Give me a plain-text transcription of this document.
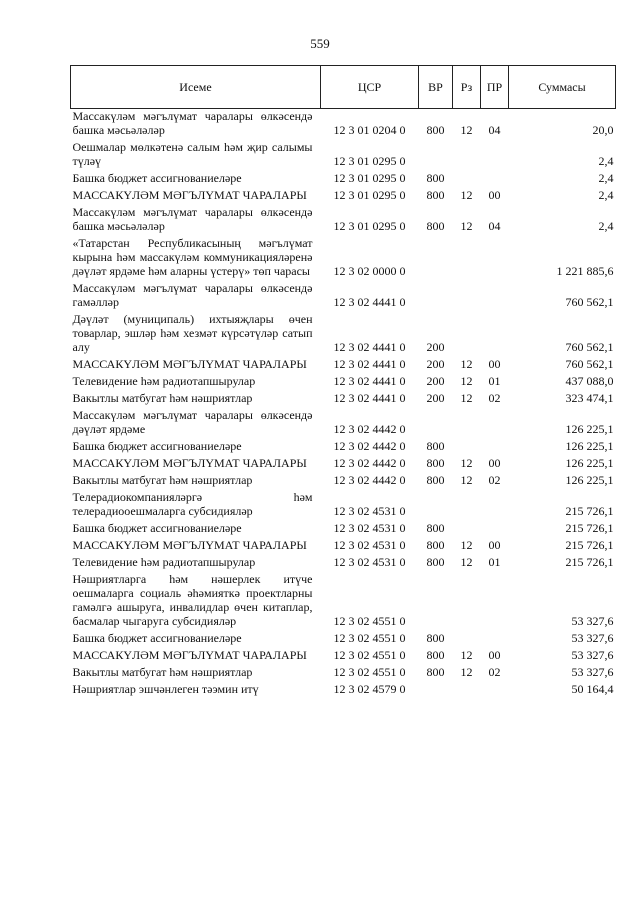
559
Исеме	ЦСР	ВР	Рз	ПР	Суммасы
Массакүләм мәгълүмат чаралары өлкәсендә башка мәсьәләләр	12 3 01 0204 0	800	12	04	20,0
Оешмалар мөлкәтенә салым һәм җир салымы түләү	12 3 01 0295 0				2,4
Башка бюджет ассигнованиеләре	12 3 01 0295 0	800			2,4
МАССАКҮЛӘМ МӘГЪЛҮМАТ ЧАРАЛАРЫ	12 3 01 0295 0	800	12	00	2,4
Массакүләм мәгълүмат чаралары өлкәсендә башка мәсьәләләр	12 3 01 0295 0	800	12	04	2,4
«Татарстан Республикасының мәгълүмат кырына һәм массакүләм коммуникацияләренә дәүләт ярдәме һәм аларны үстерү» төп чарасы	12 3 02 0000 0				1 221 885,6
Массакүләм мәгълүмат чаралары өлкәсендә гамәлләр	12 3 02 4441 0				760 562,1
Дәүләт (муниципаль) ихтыяҗлары өчен товарлар, эшләр һәм хезмәт күрсәтүләр сатып алу	12 3 02 4441 0	200			760 562,1
МАССАКҮЛӘМ МӘГЪЛҮМАТ ЧАРАЛАРЫ	12 3 02 4441 0	200	12	00	760 562,1
Телевидение һәм радиотапшырулар	12 3 02 4441 0	200	12	01	437 088,0
Вакытлы матбугат һәм нәшриятлар	12 3 02 4441 0	200	12	02	323 474,1
Массакүләм мәгълүмат чаралары өлкәсендә дәүләт ярдәме	12 3 02 4442 0				126 225,1
Башка бюджет ассигнованиеләре	12 3 02 4442 0	800			126 225,1
МАССАКҮЛӘМ МӘГЪЛҮМАТ ЧАРАЛАРЫ	12 3 02 4442 0	800	12	00	126 225,1
Вакытлы матбугат һәм нәшриятлар	12 3 02 4442 0	800	12	02	126 225,1
Телерадиокомпанияләргә һәм телерадиооешмаларга субсидияләр	12 3 02 4531 0				215 726,1
Башка бюджет ассигнованиеләре	12 3 02 4531 0	800			215 726,1
МАССАКҮЛӘМ МӘГЪЛҮМАТ ЧАРАЛАРЫ	12 3 02 4531 0	800	12	00	215 726,1
Телевидение һәм радиотапшырулар	12 3 02 4531 0	800	12	01	215 726,1
Нәшриятларга һәм нәшерлек итүче оешмаларга социаль әһәмияткә проектларны гамәлгә ашыруга, инвалидлар өчен китаплар, басмалар чыгаруга субсидияләр	12 3 02 4551 0				53 327,6
Башка бюджет ассигнованиеләре	12 3 02 4551 0	800			53 327,6
МАССАКҮЛӘМ МӘГЪЛҮМАТ ЧАРАЛАРЫ	12 3 02 4551 0	800	12	00	53 327,6
Вакытлы матбугат һәм нәшриятлар	12 3 02 4551 0	800	12	02	53 327,6
Нәшриятлар эшчәнлеген тәэмин итү	12 3 02 4579 0				50 164,4
